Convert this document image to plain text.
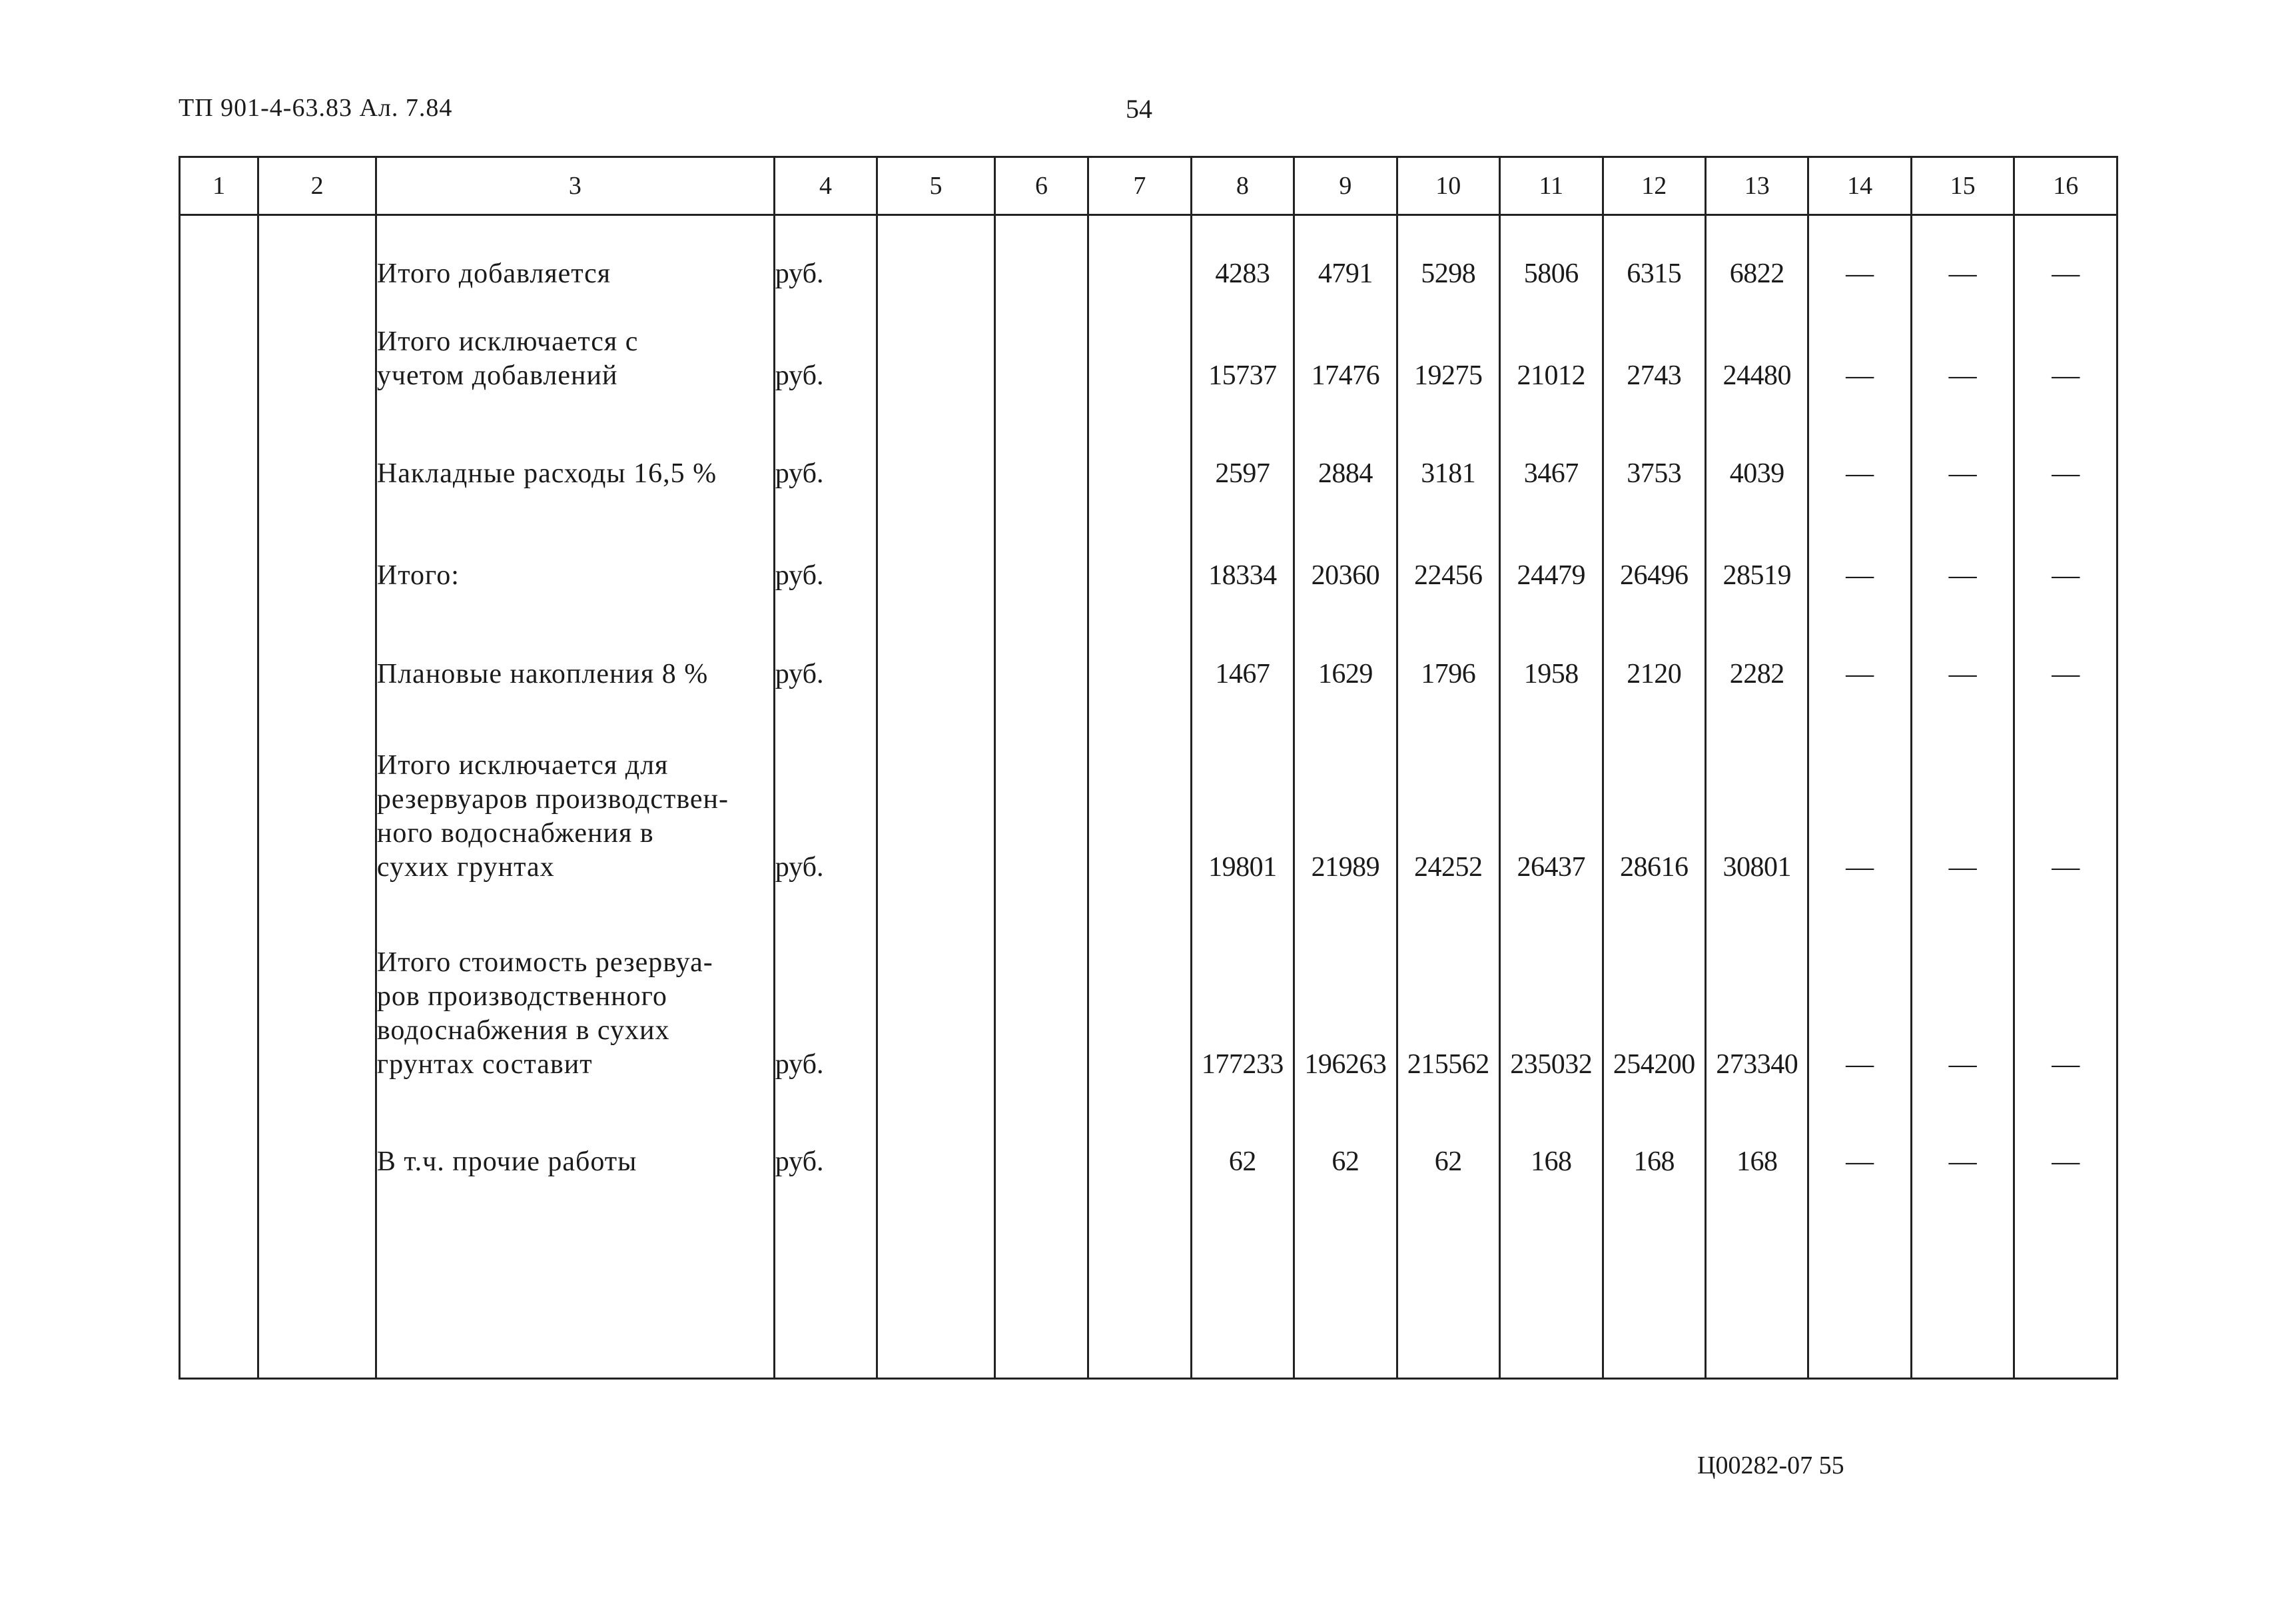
ТП 901-4-63.83 Ал. 7.84	54
1	2	3	4	5	6	7	8	9	10	11	12	13	14	15	16

		Итого добавляется	руб.				4283	4791	5298	5806	6315	6822	—	—	—

		Итого исключается с
учетом добавлений	руб.				15737	17476	19275	21012	2743	24480	—	—	—

		Накладные расходы 16,5 %	руб.				2597	2884	3181	3467	3753	4039	—	—	—

		Итого:	руб.				18334	20360	22456	24479	26496	28519	—	—	—

		Плановые накопления 8 %	руб.				1467	1629	1796	1958	2120	2282	—	—	—

		Итого исключается для
резервуаров производствен-
ного водоснабжения в
сухих грунтах	руб.				19801	21989	24252	26437	28616	30801	—	—	—

		Итого стоимость резервуа-
ров производственного
водоснабжения в сухих
грунтах составит	руб.				177233	196263	215562	235032	254200	273340	—	—	—

		В т.ч. прочие работы	руб.				62	62	62	168	168	168	—	—	—

Ц00282-07 55
